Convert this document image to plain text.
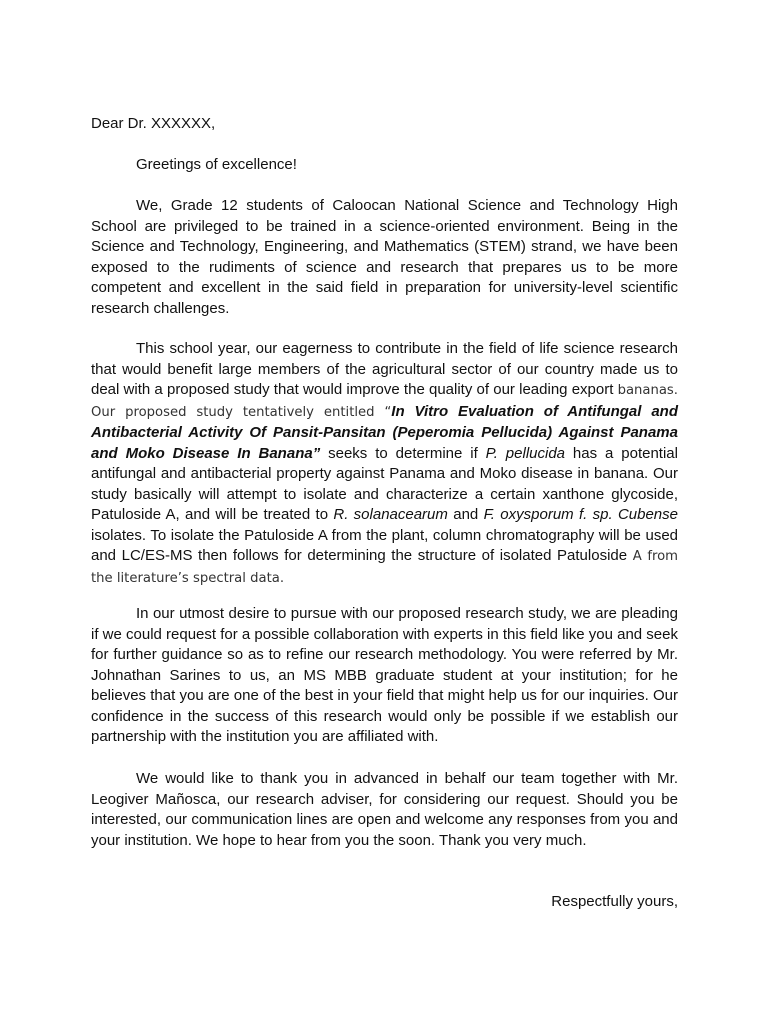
Dear Dr. XXXXXX,

Greetings of excellence!

We, Grade 12 students of Caloocan National Science and Technology High School are privileged to be trained in a science-oriented environment. Being in the Science and Technology, Engineering, and Mathematics (STEM) strand, we have been exposed to the rudiments of science and research that prepares us to be more competent and excellent in the said field in preparation for university-level scientific research challenges.

This school year, our eagerness to contribute in the field of life science research that would benefit large members of the agricultural sector of our country made us to deal with a proposed study that would improve the quality of our leading export bananas. Our proposed study tentatively entitled “In Vitro Evaluation of Antifungal and Antibacterial Activity Of Pansit-Pansitan (Peperomia Pellucida) Against Panama and Moko Disease In Banana” seeks to determine if P. pellucida has a potential antifungal and antibacterial property against Panama and Moko disease in banana. Our study basically will attempt to isolate and characterize a certain xanthone glycoside, Patuloside A, and will be treated to R. solanacearum and F. oxysporum f. sp. Cubense isolates. To isolate the Patuloside A from the plant, column chromatography will be used and LC/ES-MS then follows for determining the structure of isolated Patuloside A from the literature’s spectral data.

In our utmost desire to pursue with our proposed research study, we are pleading if we could request for a possible collaboration with experts in this field like you and seek for further guidance so as to refine our research methodology. You were referred by Mr. Johnathan Sarines to us, an MS MBB graduate student at your institution; for he believes that you are one of the best in your field that might help us for our inquiries. Our confidence in the success of this research would only be possible if we establish our partnership with the institution you are affiliated with.

We would like to thank you in advanced in behalf our team together with Mr. Leogiver Mañosca, our research adviser, for considering our request. Should you be interested, our communication lines are open and welcome any responses from you and your institution. We hope to hear from you the soon. Thank you very much.

Respectfully yours,
